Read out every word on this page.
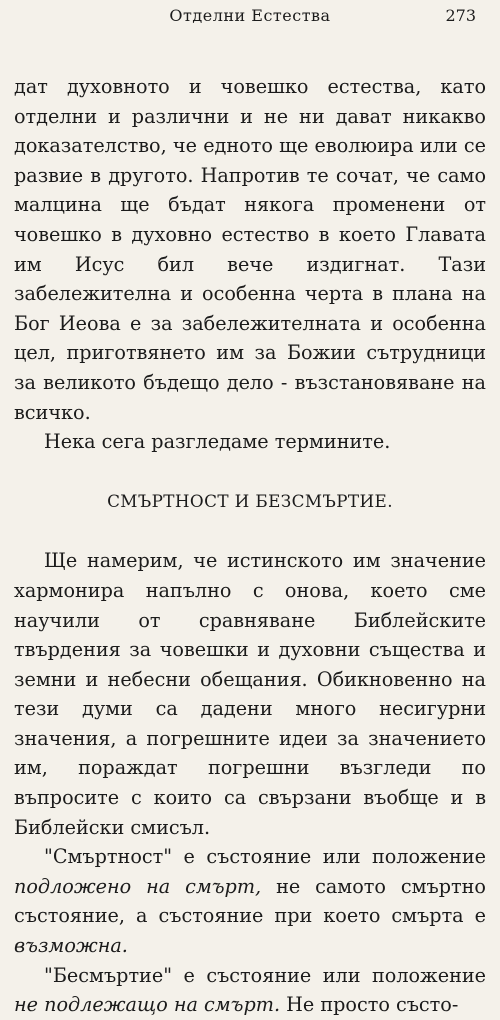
Отделни Естества	273

дат духовното и човешко естества, като отделни и различни и не ни дават никакво доказателство, че едното ще еволюира или се развие в другото. Напротив те сочат, че само малцина ще бъдат някога променени от човешко в духовно естество в което Главата им Исус бил вече издигнат. Тази забележителна и особенна черта в плана на Бог Иеова е за забележителната и особенна цел, приготвянето им за Божии сътрудници за великото бъдещо дело - възстановяване на всичко.

Нека сега разгледаме термините.

СМЪРТНОСТ И БЕЗСМЪРТИЕ.

Ще намерим, че истинското им значение хармонира напълно с онова, което сме научили от сравняване Библейските твърдения за човешки и духовни същества и земни и небесни обещания. Обикновенно на тези думи са дадени много несигурни значения, а погрешните идеи за значението им, пораждат погрешни възгледи по въпросите с които са свързани въобще и в Библейски смисъл.

"Смъртност" е състояние или положение подложено на смърт, не самото смъртно състояние, а състояние при което смърта е възможна.

"Бесмъртие" е състояние или положение не подлежащо на смърт. Не просто състо-
